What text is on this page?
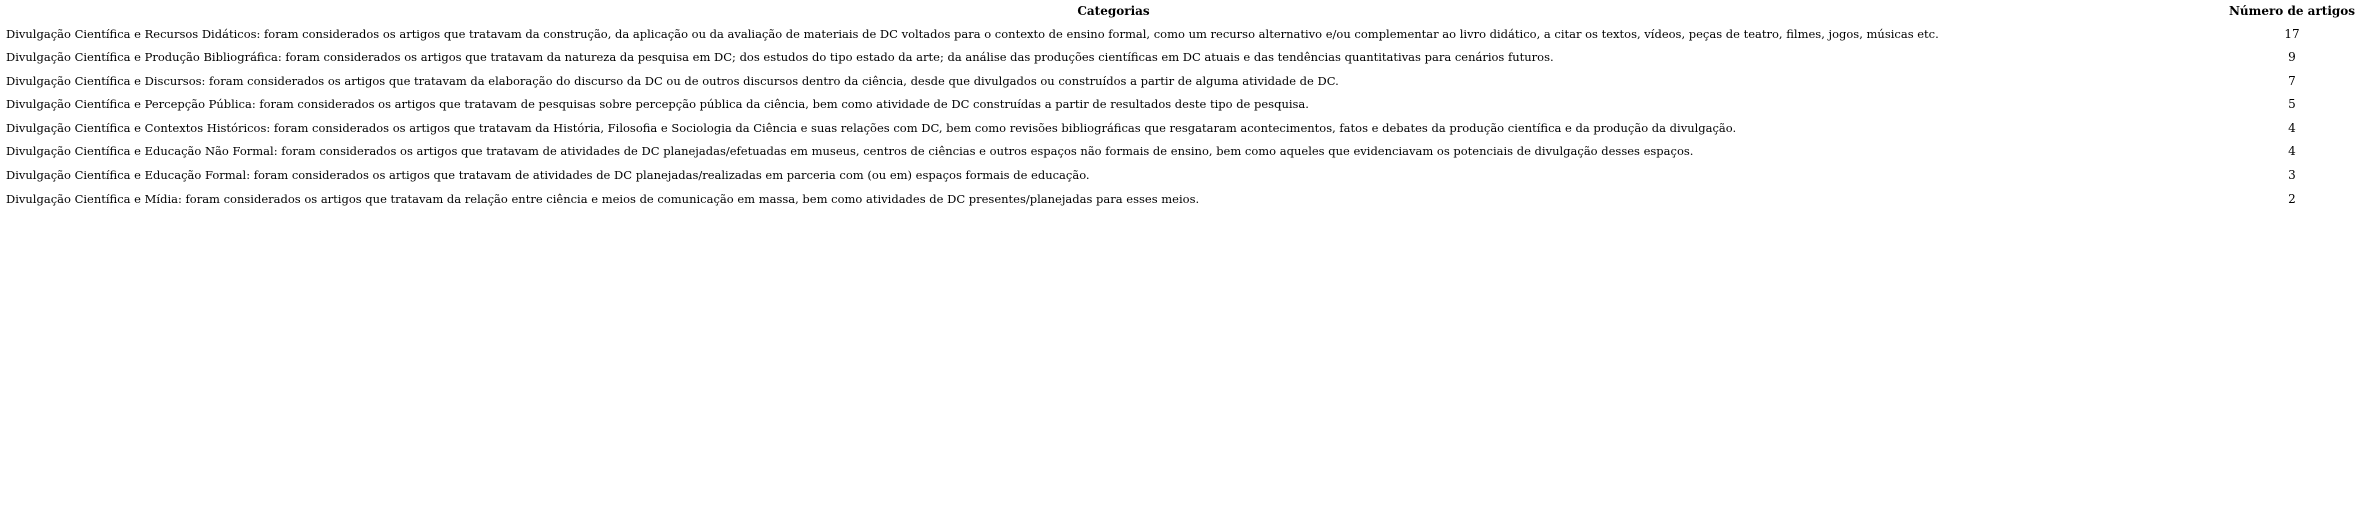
Categorias	Número de artigos
Divulgação Científica e Recursos Didáticos: foram considerados os artigos que tratavam da construção, da aplicação ou da avaliação de materiais de DC voltados para o contexto de ensino formal, como um recurso alternativo e/ou complementar ao livro didático, a citar os textos, vídeos, peças de teatro, filmes, jogos, músicas etc.	17
Divulgação Científica e Produção Bibliográfica: foram considerados os artigos que tratavam da natureza da pesquisa em DC; dos estudos do tipo estado da arte; da análise das produções científicas em DC atuais e das tendências quantitativas para cenários futuros.	9
Divulgação Científica e Discursos: foram considerados os artigos que tratavam da elaboração do discurso da DC ou de outros discursos dentro da ciência, desde que divulgados ou construídos a partir de alguma atividade de DC.	7
Divulgação Científica e Percepção Pública: foram considerados os artigos que tratavam de pesquisas sobre percepção pública da ciência, bem como atividade de DC construídas a partir de resultados deste tipo de pesquisa.	5
Divulgação Científica e Contextos Históricos: foram considerados os artigos que tratavam da História, Filosofia e Sociologia da Ciência e suas relações com DC, bem como revisões bibliográficas que resgataram acontecimentos, fatos e debates da produção científica e da produção da divulgação.	4
Divulgação Científica e Educação Não Formal: foram considerados os artigos que tratavam de atividades de DC planejadas/efetuadas em museus, centros de ciências e outros espaços não formais de ensino, bem como aqueles que evidenciavam os potenciais de divulgação desses espaços.	4
Divulgação Científica e Educação Formal: foram considerados os artigos que tratavam de atividades de DC planejadas/realizadas em parceria com (ou em) espaços formais de educação.	3
Divulgação Científica e Mídia: foram considerados os artigos que tratavam da relação entre ciência e meios de comunicação em massa, bem como atividades de DC presentes/planejadas para esses meios.	2
